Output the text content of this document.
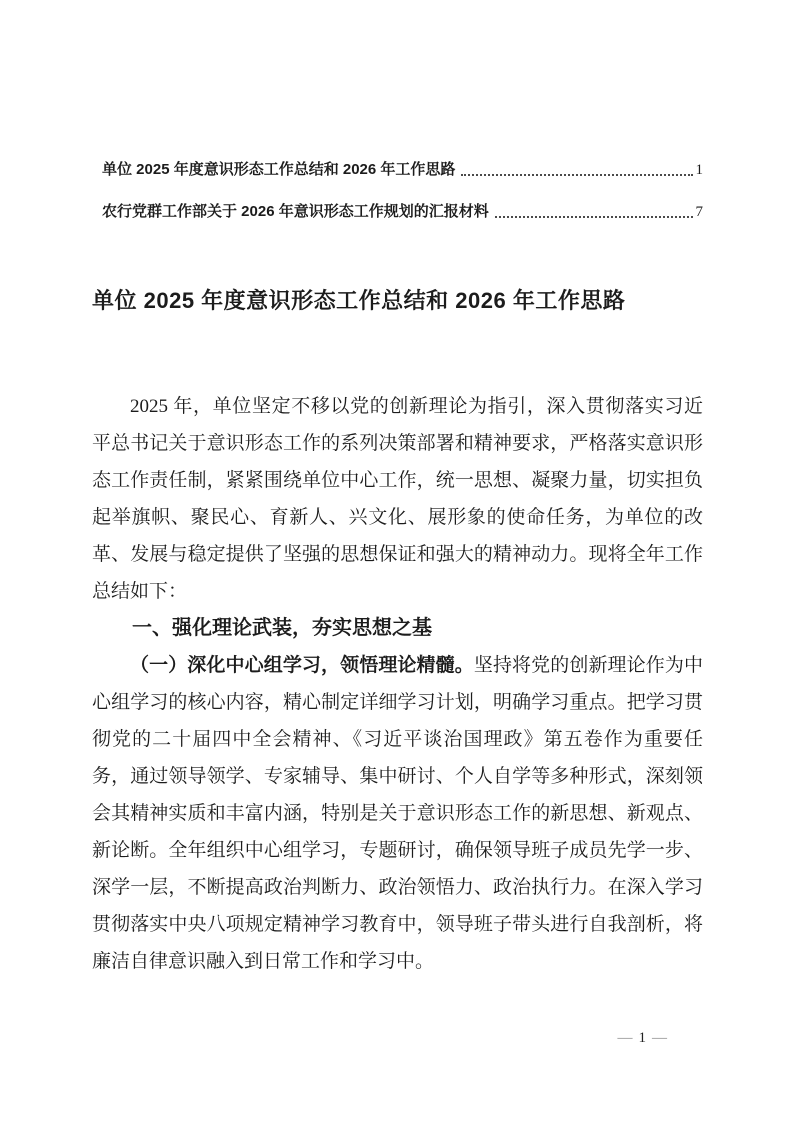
单位 2025 年度意识形态工作总结和 2026 年工作思路	1
农行党群工作部关于 2026 年意识形态工作规划的汇报材料	7
单位 2025 年度意识形态工作总结和 2026 年工作思路

2025 年，单位坚定不移以党的创新理论为指引，深入贯彻落实习近平总书记关于意识形态工作的系列决策部署和精神要求，严格落实意识形态工作责任制，紧紧围绕单位中心工作，统一思想、凝聚力量，切实担负起举旗帜、聚民心、育新人、兴文化、展形象的使命任务，为单位的改革、发展与稳定提供了坚强的思想保证和强大的精神动力。现将全年工作总结如下：

一、强化理论武装，夯实思想之基

（一）深化中心组学习，领悟理论精髓。坚持将党的创新理论作为中心组学习的核心内容，精心制定详细学习计划，明确学习重点。把学习贯彻党的二十届四中全会精神、《习近平谈治国理政》第五卷作为重要任务，通过领导领学、专家辅导、集中研讨、个人自学等多种形式，深刻领会其精神实质和丰富内涵，特别是关于意识形态工作的新思想、新观点、新论断。全年组织中心组学习，专题研讨，确保领导班子成员先学一步、深学一层，不断提高政治判断力、政治领悟力、政治执行力。在深入学习贯彻落实中央八项规定精神学习教育中，领导班子带头进行自我剖析，将廉洁自律意识融入到日常工作和学习中。

— 1 —
